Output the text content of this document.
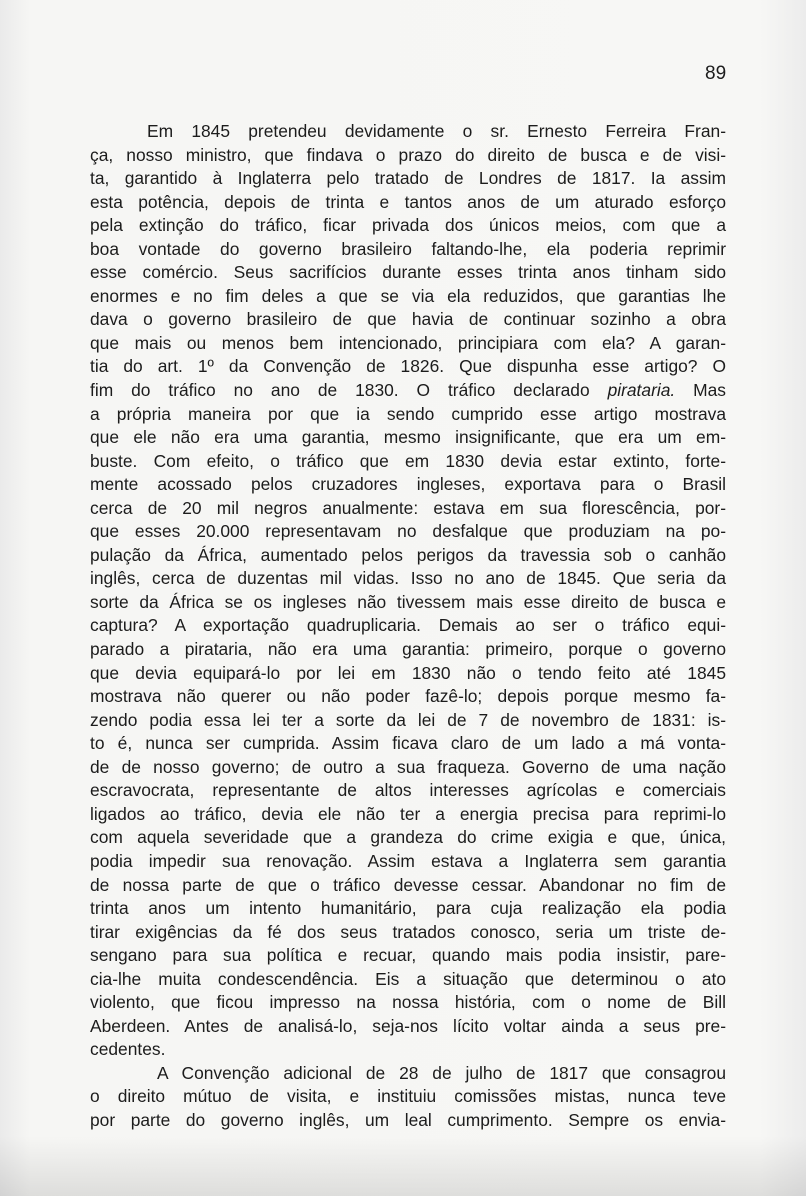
89
Em 1845 pretendeu devidamente o sr. Ernesto Ferreira Fran-
ça, nosso ministro, que findava o prazo do direito de busca e de visi-
ta, garantido à Inglaterra pelo tratado de Londres de 1817. Ia assim
esta potência, depois de trinta e tantos anos de um aturado esforço
pela extinção do tráfico, ficar privada dos únicos meios, com que a
boa vontade do governo brasileiro faltando-lhe, ela poderia reprimir
esse comércio. Seus sacrifícios durante esses trinta anos tinham sido
enormes e no fim deles a que se via ela reduzidos, que garantias lhe
dava o governo brasileiro de que havia de continuar sozinho a obra
que mais ou menos bem intencionado, principiara com ela? A garan-
tia do art. 1º da Convenção de 1826. Que dispunha esse artigo? O
fim do tráfico no ano de 1830. O tráfico declarado pirataria. Mas
a própria maneira por que ia sendo cumprido esse artigo mostrava
que ele não era uma garantia, mesmo insignificante, que era um em-
buste. Com efeito, o tráfico que em 1830 devia estar extinto, forte-
mente acossado pelos cruzadores ingleses, exportava para o Brasil
cerca de 20 mil negros anualmente: estava em sua florescência, por-
que esses 20.000 representavam no desfalque que produziam na po-
pulação da África, aumentado pelos perigos da travessia sob o canhão
inglês, cerca de duzentas mil vidas. Isso no ano de 1845. Que seria da
sorte da África se os ingleses não tivessem mais esse direito de busca e
captura? A exportação quadruplicaria. Demais ao ser o tráfico equi-
parado a pirataria, não era uma garantia: primeiro, porque o governo
que devia equipará-lo por lei em 1830 não o tendo feito até 1845
mostrava não querer ou não poder fazê-lo; depois porque mesmo fa-
zendo podia essa lei ter a sorte da lei de 7 de novembro de 1831: is-
to é, nunca ser cumprida. Assim ficava claro de um lado a má vonta-
de de nosso governo; de outro a sua fraqueza. Governo de uma nação
escravocrata, representante de altos interesses agrícolas e comerciais
ligados ao tráfico, devia ele não ter a energia precisa para reprimi-lo
com aquela severidade que a grandeza do crime exigia e que, única,
podia impedir sua renovação. Assim estava a Inglaterra sem garantia
de nossa parte de que o tráfico devesse cessar. Abandonar no fim de
trinta anos um intento humanitário, para cuja realização ela podia
tirar exigências da fé dos seus tratados conosco, seria um triste de-
sengano para sua política e recuar, quando mais podia insistir, pare-
cia-lhe muita condescendência. Eis a situação que determinou o ato
violento, que ficou impresso na nossa história, com o nome de Bill
Aberdeen. Antes de analisá-lo, seja-nos lícito voltar ainda a seus pre-
cedentes.
A Convenção adicional de 28 de julho de 1817 que consagrou
o direito mútuo de visita, e instituiu comissões mistas, nunca teve
por parte do governo inglês, um leal cumprimento. Sempre os envia-
